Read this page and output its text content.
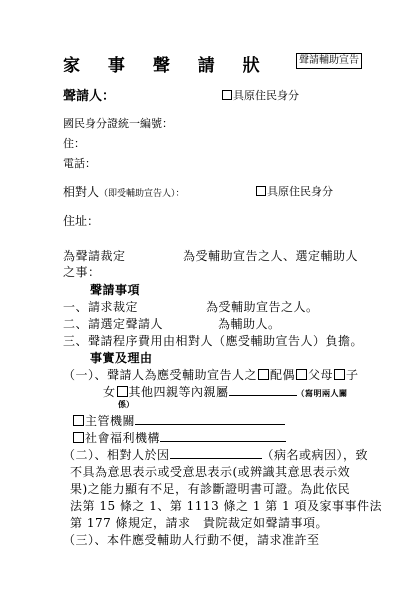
家 事 聲 請 狀	聲請輔助宣告
聲請人：	具原住民身分
國民身分證統一編號：
住：
電話：
相對人（即受輔助宣告人）：	具原住民身分
住址：
為聲請裁定	為受輔助宣告之人、選定輔助人
之事：
聲請事項
一、請求裁定	為受輔助宣告之人。
二、請選定聲請人	為輔助人。
三、聲請程序費用由相對人（應受輔助宣告人）負擔。
事實及理由
（一）、聲請人為應受輔助宣告人之 配偶 父母 子
女 其他四親等內親屬	（寫明兩人關
係）
主管機關
社會福利機構
（二）、相對人於因	（病名或病因），致
不具為意思表示或受意思表示(或辨識其意思表示效
果)之能力顯有不足，有診斷證明書可證。為此依民
法第 15 條之 1、第 1113 條之 1 第 1 項及家事事件法
第 177 條規定，請求　貴院裁定如聲請事項。
（三）、本件應受輔助人行動不便，請求准許至
